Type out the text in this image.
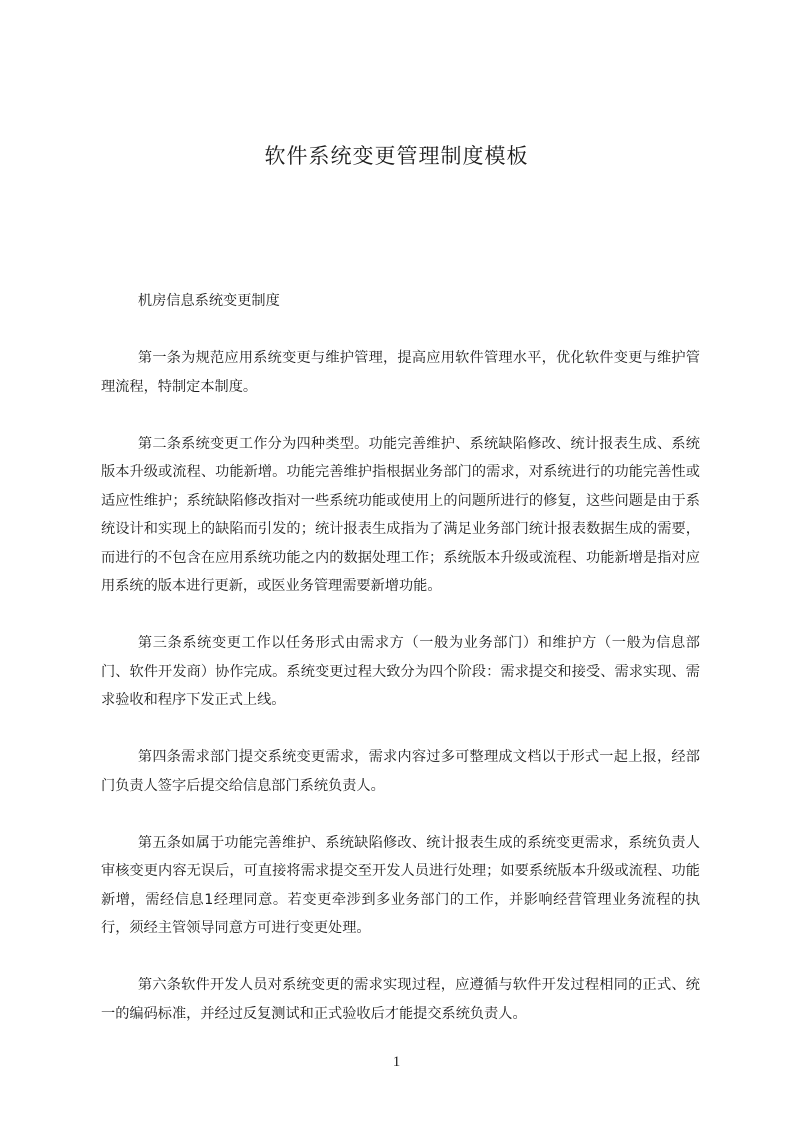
软件系统变更管理制度模板

机房信息系统变更制度

第一条为规范应用系统变更与维护管理，提高应用软件管理水平，优化软件变更与维护管理流程，特制定本制度。

第二条系统变更工作分为四种类型。功能完善维护、系统缺陷修改、统计报表生成、系统版本升级或流程、功能新增。功能完善维护指根据业务部门的需求，对系统进行的功能完善性或适应性维护；系统缺陷修改指对一些系统功能或使用上的问题所进行的修复，这些问题是由于系统设计和实现上的缺陷而引发的；统计报表生成指为了满足业务部门统计报表数据生成的需要，而进行的不包含在应用系统功能之内的数据处理工作；系统版本升级或流程、功能新增是指对应用系统的版本进行更新，或医业务管理需要新增功能。

第三条系统变更工作以任务形式由需求方（一般为业务部门）和维护方（一般为信息部门、软件开发商）协作完成。系统变更过程大致分为四个阶段：需求提交和接受、需求实现、需求验收和程序下发正式上线。

第四条需求部门提交系统变更需求，需求内容过多可整理成文档以于形式一起上报，经部门负责人签字后提交给信息部门系统负责人。

第五条如属于功能完善维护、系统缺陷修改、统计报表生成的系统变更需求，系统负责人审核变更内容无误后，可直接将需求提交至开发人员进行处理；如要系统版本升级或流程、功能新增，需经信息1经理同意。若变更牵涉到多业务部门的工作，并影响经营管理业务流程的执行，须经主管领导同意方可进行变更处理。

第六条软件开发人员对系统变更的需求实现过程，应遵循与软件开发过程相同的正式、统一的编码标准，并经过反复测试和正式验收后才能提交系统负责人。

1
